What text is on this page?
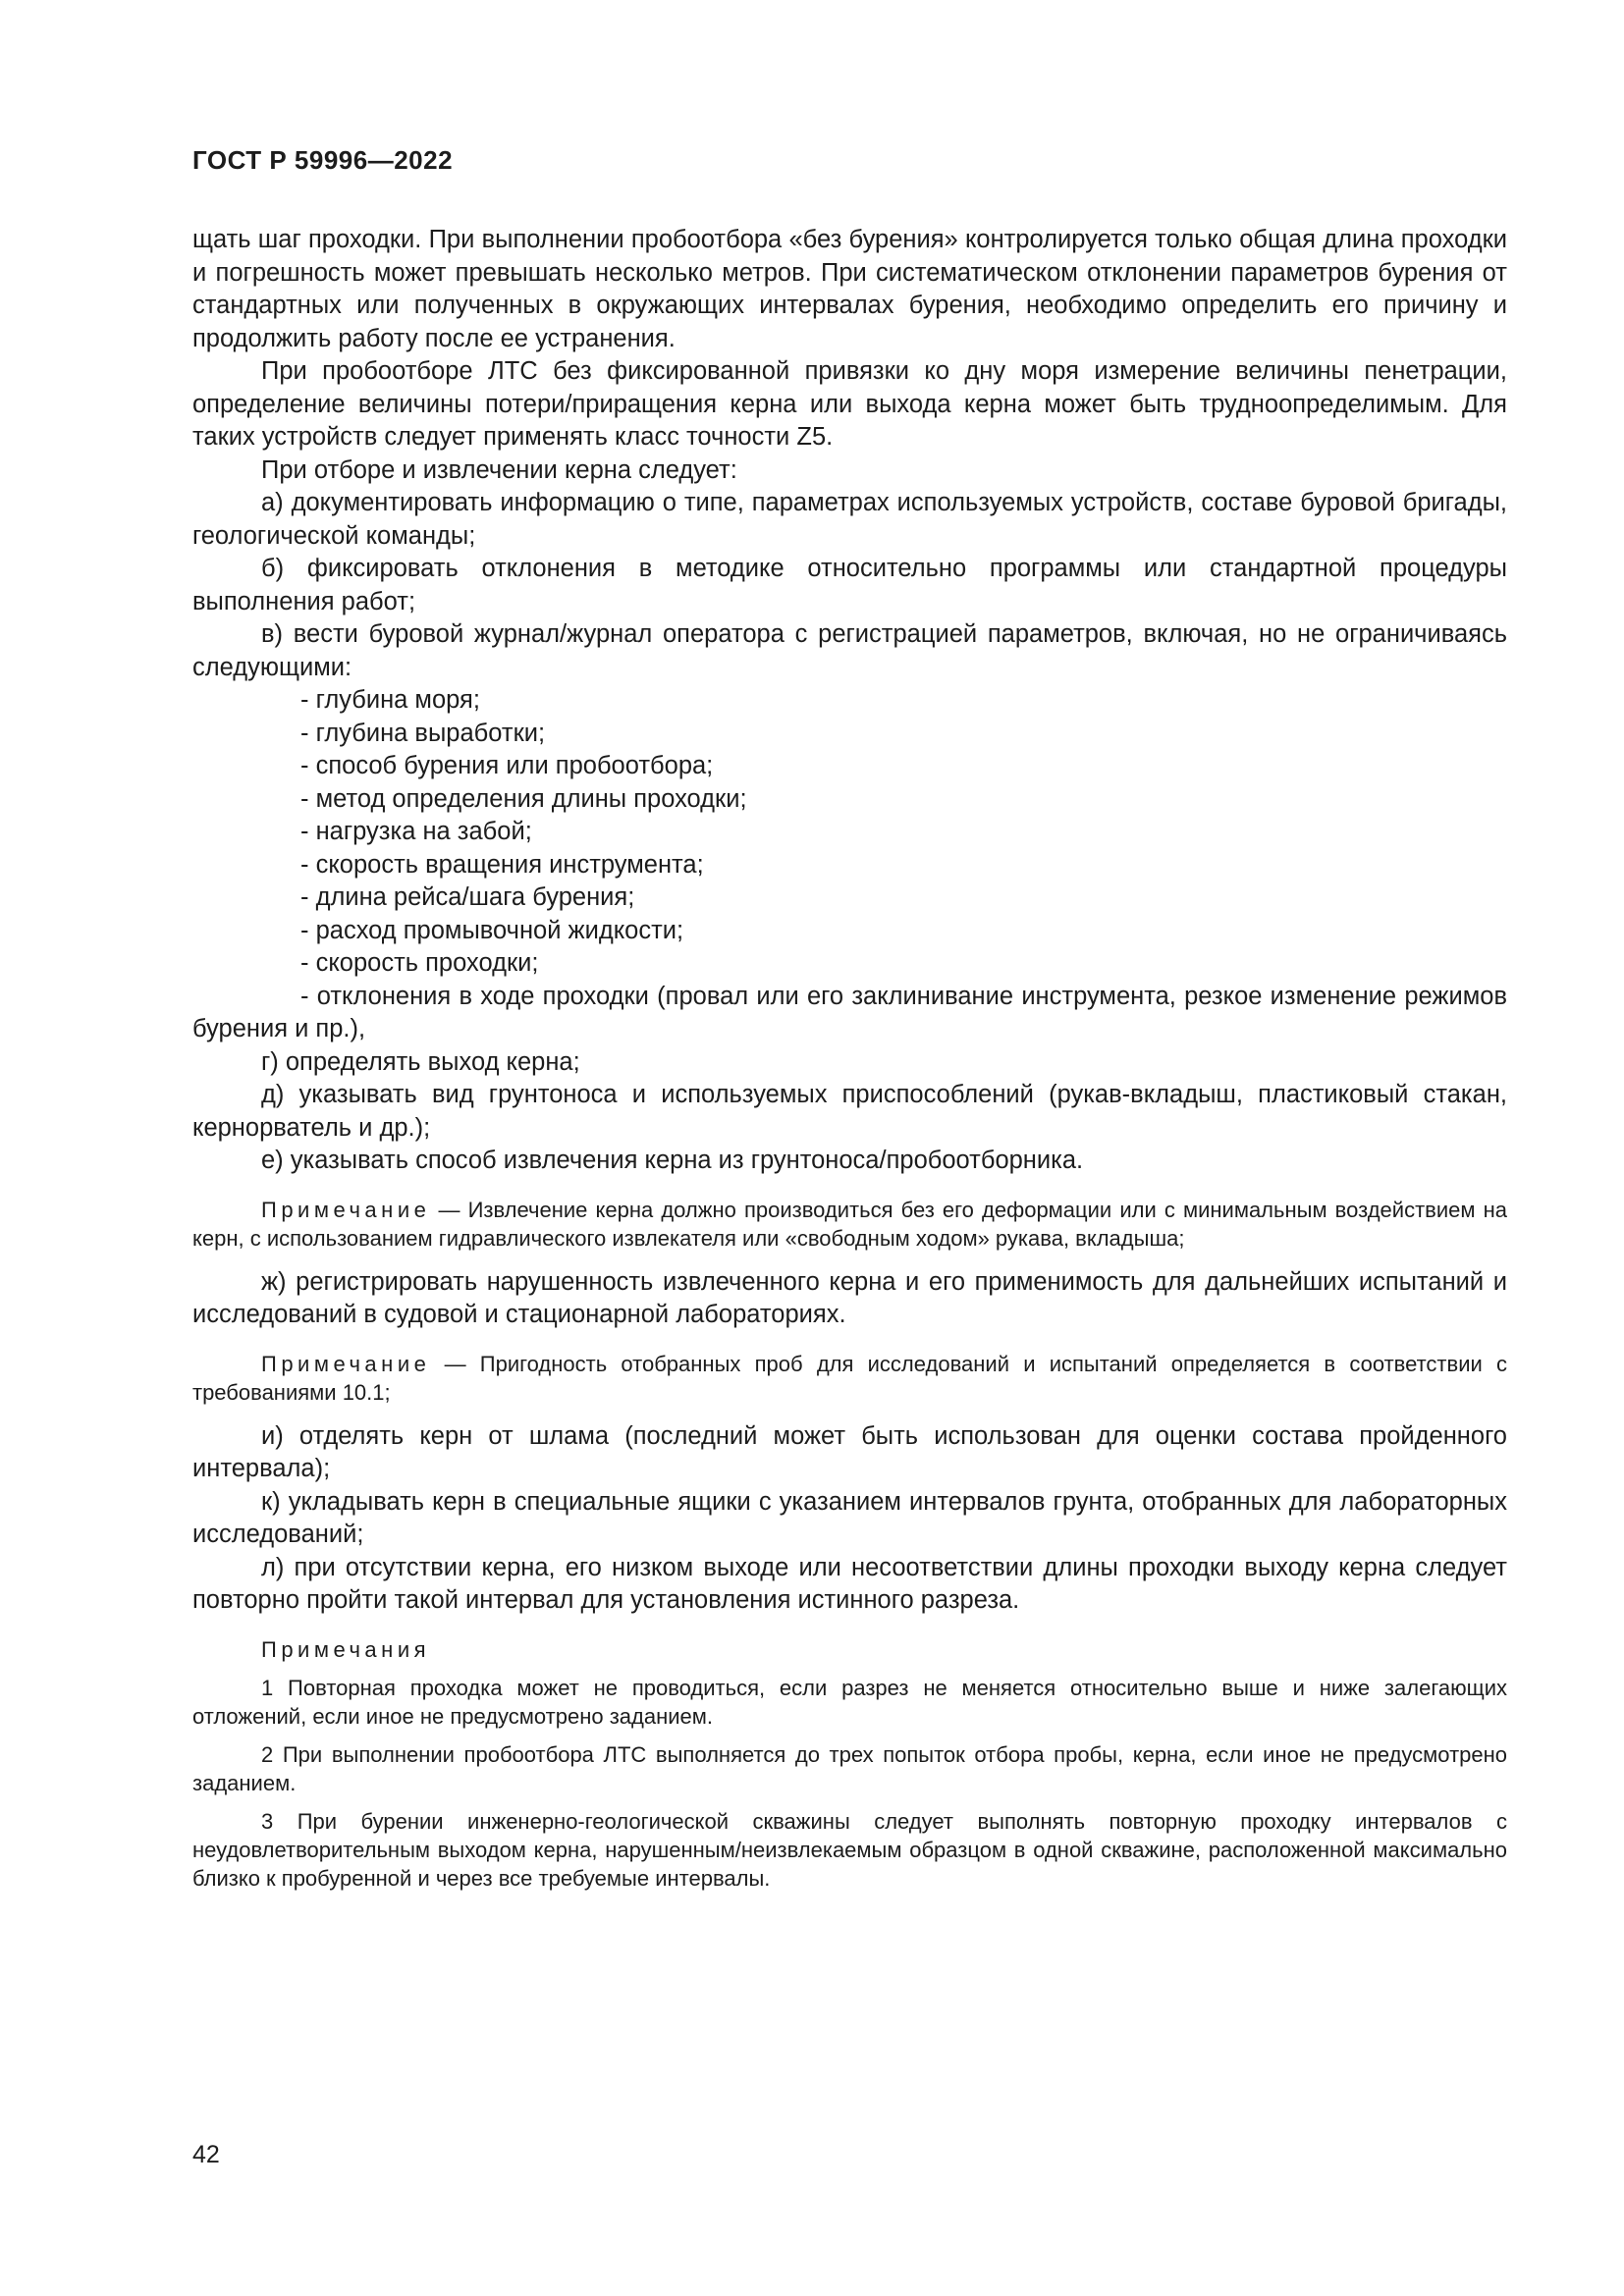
ГОСТ Р 59996—2022

щать шаг проходки. При выполнении пробоотбора «без бурения» контролируется только общая длина проходки и погрешность может превышать несколько метров. При систематическом отклонении параметров бурения от стандартных или полученных в окружающих интервалах бурения, необходимо определить его причину и продолжить работу после ее устранения.

При пробоотборе ЛТС без фиксированной привязки ко дну моря измерение величины пенетрации, определение величины потери/приращения керна или выхода керна может быть трудноопределимым. Для таких устройств следует применять класс точности Z5.

При отборе и извлечении керна следует:

а) документировать информацию о типе, параметрах используемых устройств, составе буровой бригады, геологической команды;

б) фиксировать отклонения в методике относительно программы или стандартной процедуры выполнения работ;

в) вести буровой журнал/журнал оператора с регистрацией параметров, включая, но не ограничиваясь следующими:

- глубина моря;
- глубина выработки;
- способ бурения или пробоотбора;
- метод определения длины проходки;
- нагрузка на забой;
- скорость вращения инструмента;
- длина рейса/шага бурения;
- расход промывочной жидкости;
- скорость проходки;

- отклонения в ходе проходки (провал или его заклинивание инструмента, резкое изменение режимов бурения и пр.),

г) определять выход керна;

д) указывать вид грунтоноса и используемых приспособлений (рукав-вкладыш, пластиковый стакан, кернорватель и др.);

е) указывать способ извлечения керна из грунтоноса/пробоотборника.

Примечание — Извлечение керна должно производиться без его деформации или с минимальным воздействием на керн, с использованием гидравлического извлекателя или «свободным ходом» рукава, вкладыша;

ж) регистрировать нарушенность извлеченного керна и его применимость для дальнейших испытаний и исследований в судовой и стационарной лабораториях.

Примечание — Пригодность отобранных проб для исследований и испытаний определяется в соответствии с требованиями 10.1;

и) отделять керн от шлама (последний может быть использован для оценки состава пройденного интервала);

к) укладывать керн в специальные ящики с указанием интервалов грунта, отобранных для лабораторных исследований;

л) при отсутствии керна, его низком выходе или несоответствии длины проходки выходу керна следует повторно пройти такой интервал для установления истинного разреза.

Примечания

1 Повторная проходка может не проводиться, если разрез не меняется относительно выше и ниже залегающих отложений, если иное не предусмотрено заданием.

2 При выполнении пробоотбора ЛТС выполняется до трех попыток отбора пробы, керна, если иное не предусмотрено заданием.

3 При бурении инженерно-геологической скважины следует выполнять повторную проходку интервалов с неудовлетворительным выходом керна, нарушенным/неизвлекаемым образцом в одной скважине, расположенной максимально близко к пробуренной и через все требуемые интервалы.

42
